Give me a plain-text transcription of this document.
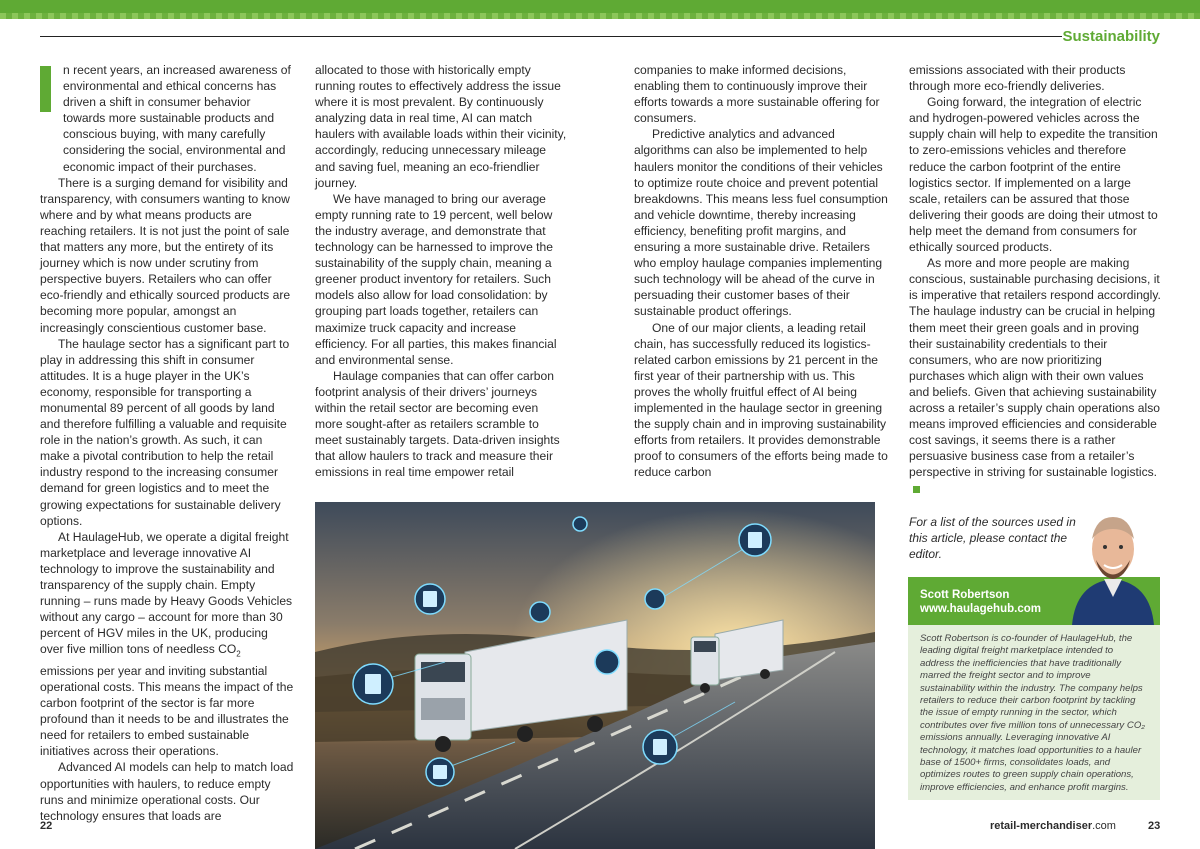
Sustainability

n recent years, an increased awareness of environmental and ethical concerns has driven a shift in consumer behavior towards more sustainable products and conscious buying, with many carefully considering the social, environmental and economic impact of their purchases.

There is a surging demand for visibility and transparency, with consumers wanting to know where and by what means products are reaching retailers. It is not just the point of sale that matters any more, but the entirety of its journey which is now under scrutiny from perspective buyers. Retailers who can offer eco-friendly and ethically sourced products are becoming more popular, amongst an increasingly conscientious customer base.

The haulage sector has a significant part to play in addressing this shift in consumer attitudes. It is a huge player in the UK’s economy, responsible for transporting a monumental 89 percent of all goods by land and therefore fulfilling a valuable and requisite role in the nation’s growth. As such, it can make a pivotal contribution to help the retail industry respond to the increasing consumer demand for green logistics and to meet the growing expectations for sustainable delivery options.

At HaulageHub, we operate a digital freight marketplace and leverage innovative AI technology to improve the sustainability and transparency of the supply chain. Empty running – runs made by Heavy Goods Vehicles without any cargo – account for more than 30 percent of HGV miles in the UK, producing over five million tons of needless $CO_2$ emissions per year and inviting substantial operational costs. This means the impact of the carbon footprint of the sector is far more profound than it needs to be and illustrates the need for retailers to embed sustainable initiatives across their operations.

Advanced AI models can help to match load opportunities with haulers, to reduce empty runs and minimize operational costs. Our technology ensures that loads are

allocated to those with historically empty running routes to effectively address the issue where it is most prevalent. By continuously analyzing data in real time, AI can match haulers with available loads within their vicinity, accordingly, reducing unnecessary mileage and saving fuel, meaning an eco-friendlier journey.

We have managed to bring our average empty running rate to 19 percent, well below the industry average, and demonstrate that technology can be harnessed to improve the sustainability of the supply chain, meaning a greener product inventory for retailers. Such models also allow for load consolidation: by grouping part loads together, retailers can maximize truck capacity and increase efficiency. For all parties, this makes financial and environmental sense.

Haulage companies that can offer carbon footprint analysis of their drivers’ journeys within the retail sector are becoming even more sought-after as retailers scramble to meet sustainably targets. Data-driven insights that allow haulers to track and measure their emissions in real time empower retail

companies to make informed decisions, enabling them to continuously improve their efforts towards a more sustainable offering for consumers.

Predictive analytics and advanced algorithms can also be implemented to help haulers monitor the conditions of their vehicles to optimize route choice and prevent potential breakdowns. This means less fuel consumption and vehicle downtime, thereby increasing efficiency, benefiting profit margins, and ensuring a more sustainable drive. Retailers who employ haulage companies implementing such technology will be ahead of the curve in persuading their customer bases of their sustainable product offerings.

One of our major clients, a leading retail chain, has successfully reduced its logistics-related carbon emissions by 21 percent in the first year of their partnership with us. This proves the wholly fruitful effect of AI being implemented in the haulage sector in greening the supply chain and in improving sustainability efforts from retailers. It provides demonstrable proof to consumers of the efforts being made to reduce carbon

emissions associated with their products through more eco-friendly deliveries.

Going forward, the integration of electric and hydrogen-powered vehicles across the supply chain will help to expedite the transition to zero-emissions vehicles and therefore reduce the carbon footprint of the entire logistics sector. If implemented on a large scale, retailers can be assured that those delivering their goods are doing their utmost to help meet the demand from consumers for ethically sourced products.

As more and more people are making conscious, sustainable purchasing decisions, it is imperative that retailers respond accordingly. The haulage industry can be crucial in helping them meet their green goals and in proving their sustainability credentials to their consumers, who are now prioritizing purchases which align with their own values and beliefs. Given that achieving sustainability across a retailer’s supply chain operations also means improved efficiencies and considerable cost savings, it seems there is a rather persuasive business case from a retailer’s perspective in striving for sustainable logistics.

For a list of the sources used in this article, please contact the editor.

Scott Robertson
www.haulagehub.com

Scott Robertson is co-founder of HaulageHub, the leading digital freight marketplace intended to address the inefficiencies that have traditionally marred the freight sector and to improve sustainability within the industry. The company helps retailers to reduce their carbon footprint by tackling the issue of empty running in the sector, which contributes over five million tons of unnecessary CO₂ emissions annually. Leveraging innovative AI technology, it matches load opportunities to a hauler base of 1500+ firms, consolidates loads, and optimizes routes to green supply chain operations, improve efficiencies, and enhance profit margins.

22	retail-merchandiser.com	23
